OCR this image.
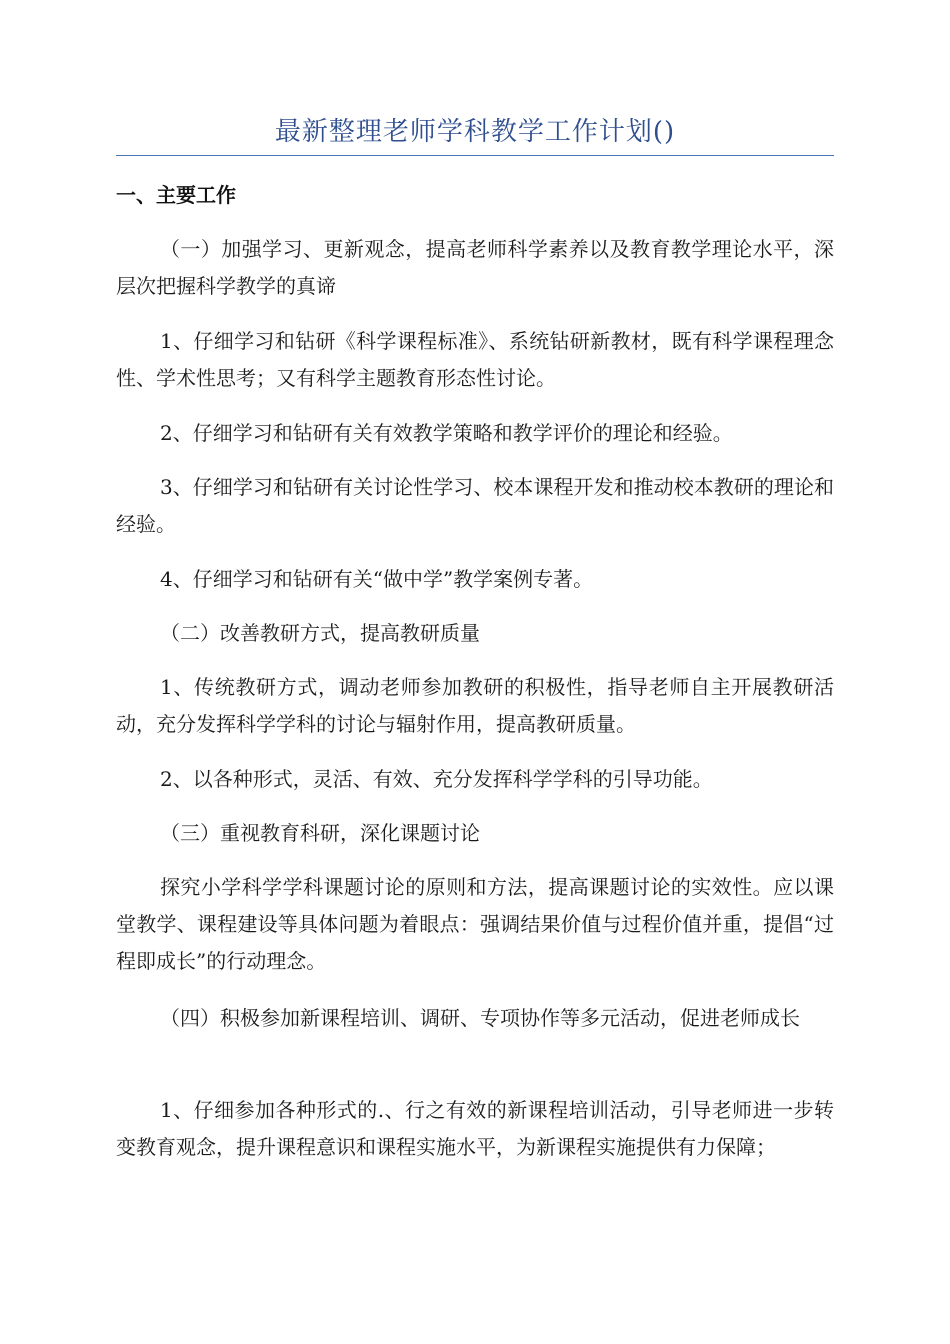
最新整理老师学科教学工作计划()
一、主要工作

（一）加强学习、更新观念，提高老师科学素养以及教育教学理论水平，深层次把握科学教学的真谛

1、仔细学习和钻研《科学课程标准》、系统钻研新教材，既有科学课程理念性、学术性思考；又有科学主题教育形态性讨论。

2、仔细学习和钻研有关有效教学策略和教学评价的理论和经验。

3、仔细学习和钻研有关讨论性学习、校本课程开发和推动校本教研的理论和经验。

4、仔细学习和钻研有关“做中学”教学案例专著。

（二）改善教研方式，提高教研质量

1、传统教研方式，调动老师参加教研的积极性，指导老师自主开展教研活动，充分发挥科学学科的讨论与辐射作用，提高教研质量。

2、以各种形式，灵活、有效、充分发挥科学学科的引导功能。

（三）重视教育科研，深化课题讨论

探究小学科学学科课题讨论的原则和方法，提高课题讨论的实效性。应以课堂教学、课程建设等具体问题为着眼点：强调结果价值与过程价值并重，提倡“过程即成长”的行动理念。

（四）积极参加新课程培训、调研、专项协作等多元活动，促进老师成长

1、仔细参加各种形式的.、行之有效的新课程培训活动，引导老师进一步转变教育观念，提升课程意识和课程实施水平，为新课程实施提供有力保障；
